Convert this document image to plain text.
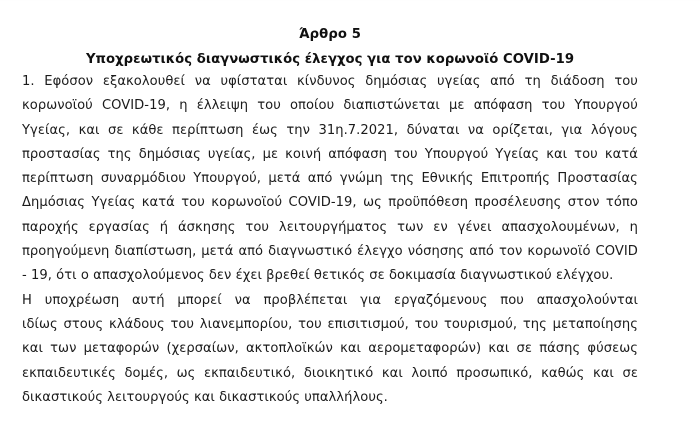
Άρθρο 5
Υποχρεωτικός διαγνωστικός έλεγχος για τον κορωνοϊό COVID-19
1. Εφόσον εξακολουθεί να υφίσταται κίνδυνος δημόσιας υγείας από τη διάδοση του
κορωνοϊού COVID-19, η έλλειψη του οποίου διαπιστώνεται με απόφαση του Υπουργού
Υγείας, και σε κάθε περίπτωση έως την 31η.7.2021, δύναται να ορίζεται, για λόγους
προστασίας της δημόσιας υγείας, με κοινή απόφαση του Υπουργού Υγείας και του κατά
περίπτωση συναρμόδιου Υπουργού, μετά από γνώμη της Εθνικής Επιτροπής Προστασίας
Δημόσιας Υγείας κατά του κορωνοϊού COVID-19, ως προϋπόθεση προσέλευσης στον τόπο
παροχής εργασίας ή άσκησης του λειτουργήματος των εν γένει απασχολουμένων, η
προηγούμενη διαπίστωση, μετά από διαγνωστικό έλεγχο νόσησης από τον κορωνοϊό COVID
- 19, ότι ο απασχολούμενος δεν έχει βρεθεί θετικός σε δοκιμασία διαγνωστικού ελέγχου.
Η υποχρέωση αυτή μπορεί να προβλέπεται για εργαζόμενους που απασχολούνται
ιδίως στους κλάδους του λιανεμπορίου, του επισιτισμού, του τουρισμού, της μεταποίησης
και των μεταφορών (χερσαίων, ακτοπλοϊκών και αερομεταφορών) και σε πάσης φύσεως
εκπαιδευτικές δομές, ως εκπαιδευτικό, διοικητικό και λοιπό προσωπικό, καθώς και σε
δικαστικούς λειτουργούς και δικαστικούς υπαλλήλους.
